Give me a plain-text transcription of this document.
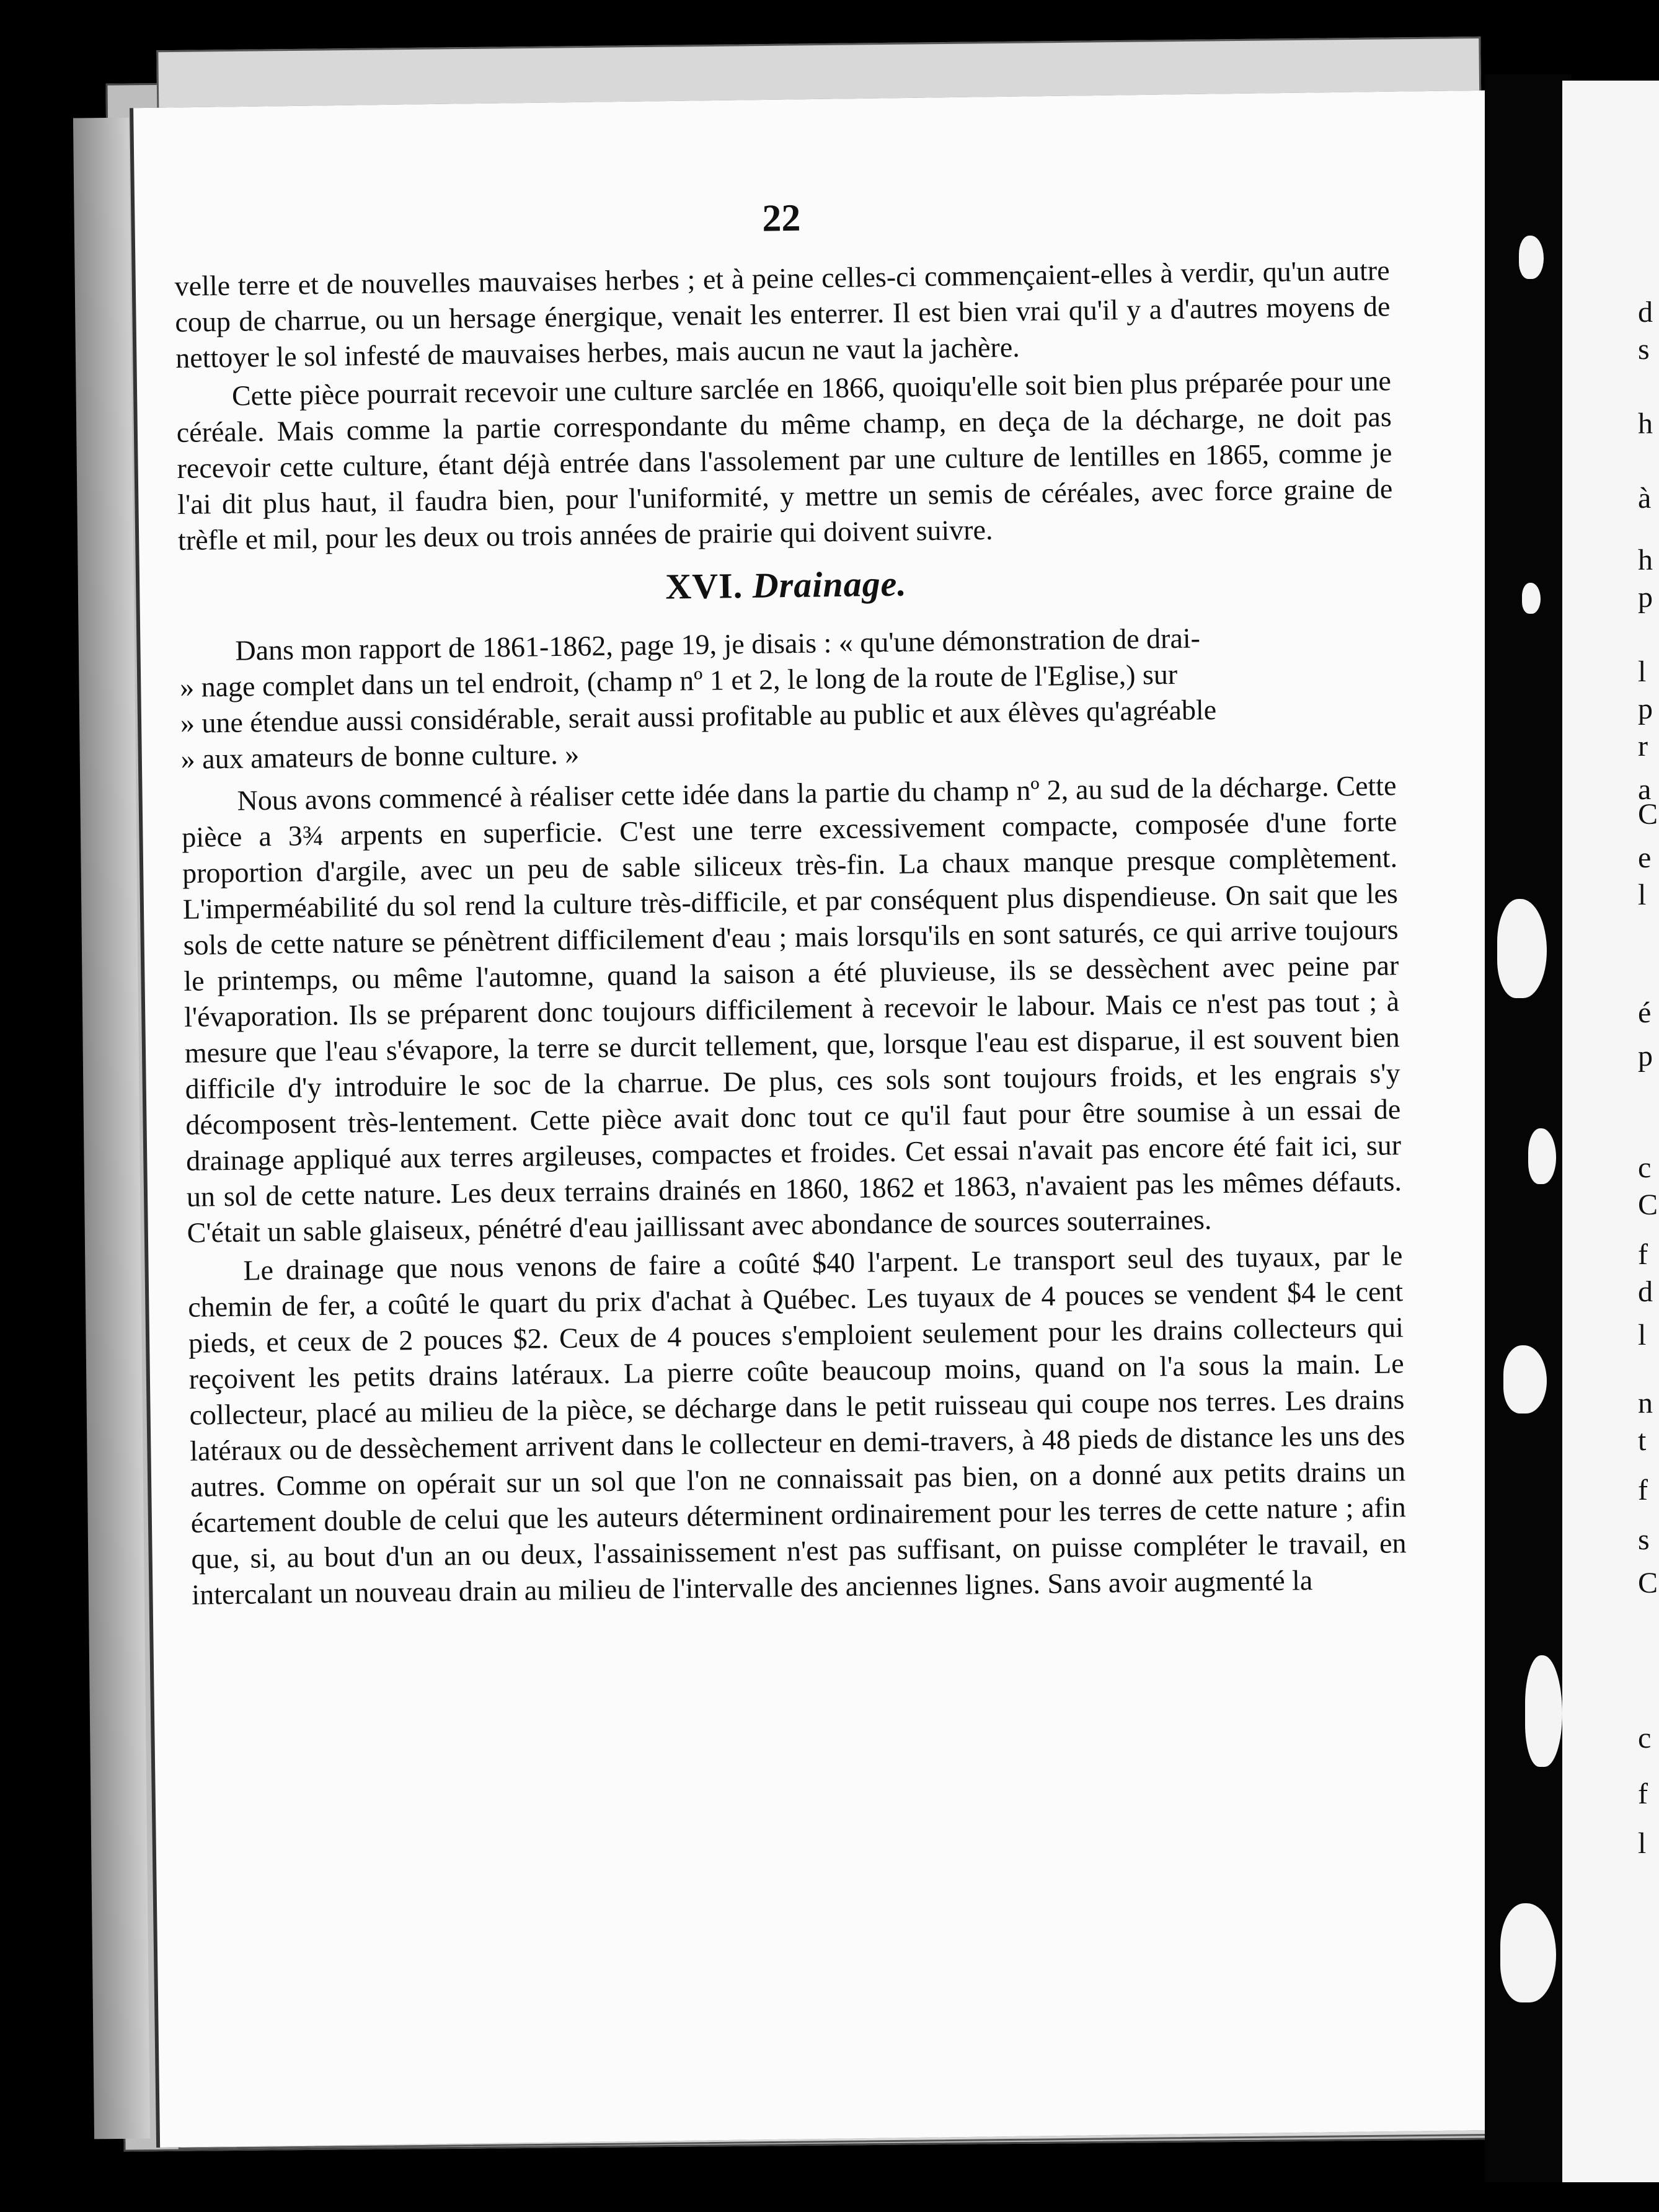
d
s
h
à
h
p
l
p
r
a
C
e
l
é
p
c
C
f
d
l
n
t
f
s
C
c
f
l
22

velle terre et de nouvelles mauvaises herbes ; et à peine celles-ci commençaient-elles à verdir, qu'un autre coup de charrue, ou un hersage énergique, venait les enterrer. Il est bien vrai qu'il y a d'autres moyens de nettoyer le sol infesté de mauvaises herbes, mais aucun ne vaut la jachère.

Cette pièce pourrait recevoir une culture sarclée en 1866, quoiqu'elle soit bien plus préparée pour une céréale. Mais comme la partie correspondante du même champ, en deça de la décharge, ne doit pas recevoir cette culture, étant déjà entrée dans l'assolement par une culture de lentilles en 1865, comme je l'ai dit plus haut, il faudra bien, pour l'uniformité, y mettre un semis de céréales, avec force graine de trèfle et mil, pour les deux ou trois années de prairie qui doivent suivre.

XVI. Drainage.
Dans mon rapport de 1861-1862, page 19, je disais : « qu'une démonstration de drai-
» nage complet dans un tel endroit, (champ nº 1 et 2, le long de la route de l'Eglise,) sur
» une étendue aussi considérable, serait aussi profitable au public et aux élèves qu'agréable
» aux amateurs de bonne culture. »

Nous avons commencé à réaliser cette idée dans la partie du champ nº 2, au sud de la décharge. Cette pièce a 3¾ arpents en superficie. C'est une terre excessivement compacte, composée d'une forte proportion d'argile, avec un peu de sable siliceux très-fin. La chaux manque presque complètement. L'imperméabilité du sol rend la culture très-difficile, et par conséquent plus dispendieuse. On sait que les sols de cette nature se pénètrent difficilement d'eau ; mais lorsqu'ils en sont saturés, ce qui arrive toujours le printemps, ou même l'automne, quand la saison a été pluvieuse, ils se dessèchent avec peine par l'évaporation. Ils se préparent donc toujours difficilement à recevoir le labour. Mais ce n'est pas tout ; à mesure que l'eau s'évapore, la terre se durcit tellement, que, lorsque l'eau est disparue, il est souvent bien difficile d'y introduire le soc de la charrue. De plus, ces sols sont toujours froids, et les engrais s'y décomposent très-lentement. Cette pièce avait donc tout ce qu'il faut pour être soumise à un essai de drainage appliqué aux terres argileuses, compactes et froides. Cet essai n'avait pas encore été fait ici, sur un sol de cette nature. Les deux terrains drainés en 1860, 1862 et 1863, n'avaient pas les mêmes défauts. C'était un sable glaiseux, pénétré d'eau jaillissant avec abondance de sources souterraines.

Le drainage que nous venons de faire a coûté $40 l'arpent. Le transport seul des tuyaux, par le chemin de fer, a coûté le quart du prix d'achat à Québec. Les tuyaux de 4 pouces se vendent $4 le cent pieds, et ceux de 2 pouces $2. Ceux de 4 pouces s'emploient seulement pour les drains collecteurs qui reçoivent les petits drains latéraux. La pierre coûte beaucoup moins, quand on l'a sous la main. Le collecteur, placé au milieu de la pièce, se décharge dans le petit ruisseau qui coupe nos terres. Les drains latéraux ou de dessèchement arrivent dans le collecteur en demi-travers, à 48 pieds de distance les uns des autres. Comme on opérait sur un sol que l'on ne connaissait pas bien, on a donné aux petits drains un écartement double de celui que les auteurs déterminent ordinairement pour les terres de cette nature ; afin que, si, au bout d'un an ou deux, l'assainissement n'est pas suffisant, on puisse compléter le travail, en intercalant un nouveau drain au milieu de l'intervalle des anciennes lignes. Sans avoir augmenté la
